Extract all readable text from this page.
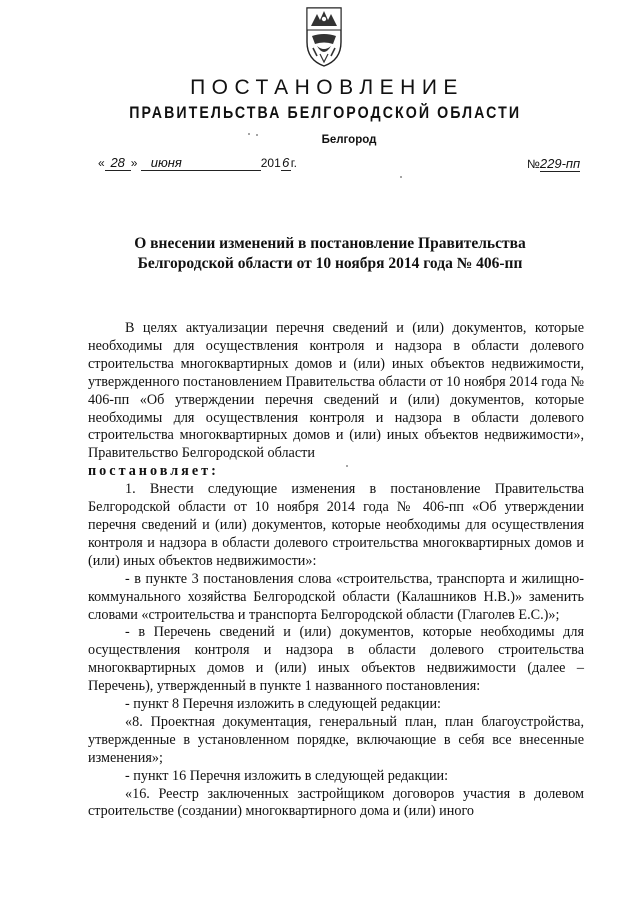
ПОСТАНОВЛЕНИЕ
ПРАВИТЕЛЬСТВА БЕЛГОРОДСКОЙ ОБЛАСТИ
Белгород
« 28 » июня	2016г.	№229-пп
О внесении изменений в постановление Правительства
Белгородской области от 10 ноября 2014 года № 406-пп

В целях актуализации перечня сведений и (или) документов, которые необходимы для осуществления контроля и надзора в области долевого строительства многоквартирных домов и (или) иных объектов недвижимости, утвержденного постановлением Правительства области от 10 ноября 2014 года № 406-пп «Об утверждении перечня сведений и (или) документов, которые необходимы для осуществления контроля и надзора в области долевого строительства многоквартирных домов и (или) иных объектов недвижимости», Правительство Белгородской области

постановляет:

1. Внести следующие изменения в постановление Правительства Белгородской области от 10 ноября 2014 года № 406-пп «Об утверждении перечня сведений и (или) документов, которые необходимы для осуществления контроля и надзора в области долевого строительства многоквартирных домов и (или) иных объектов недвижимости»:

- в пункте 3 постановления слова «строительства, транспорта и жилищно-коммунального хозяйства Белгородской области (Калашников Н.В.)» заменить словами «строительства и транспорта Белгородской области (Глаголев Е.С.)»;

- в Перечень сведений и (или) документов, которые необходимы для осуществления контроля и надзора в области долевого строительства многоквартирных домов и (или) иных объектов недвижимости (далее – Перечень), утвержденный в пункте 1 названного постановления:

- пункт 8 Перечня изложить в следующей редакции:

«8. Проектная документация, генеральный план, план благоустройства, утвержденные в установленном порядке, включающие в себя все внесенные изменения»;

- пункт 16 Перечня изложить в следующей редакции:

«16. Реестр заключенных застройщиком договоров участия в долевом строительстве (создании) многоквартирного дома и (или) иного
